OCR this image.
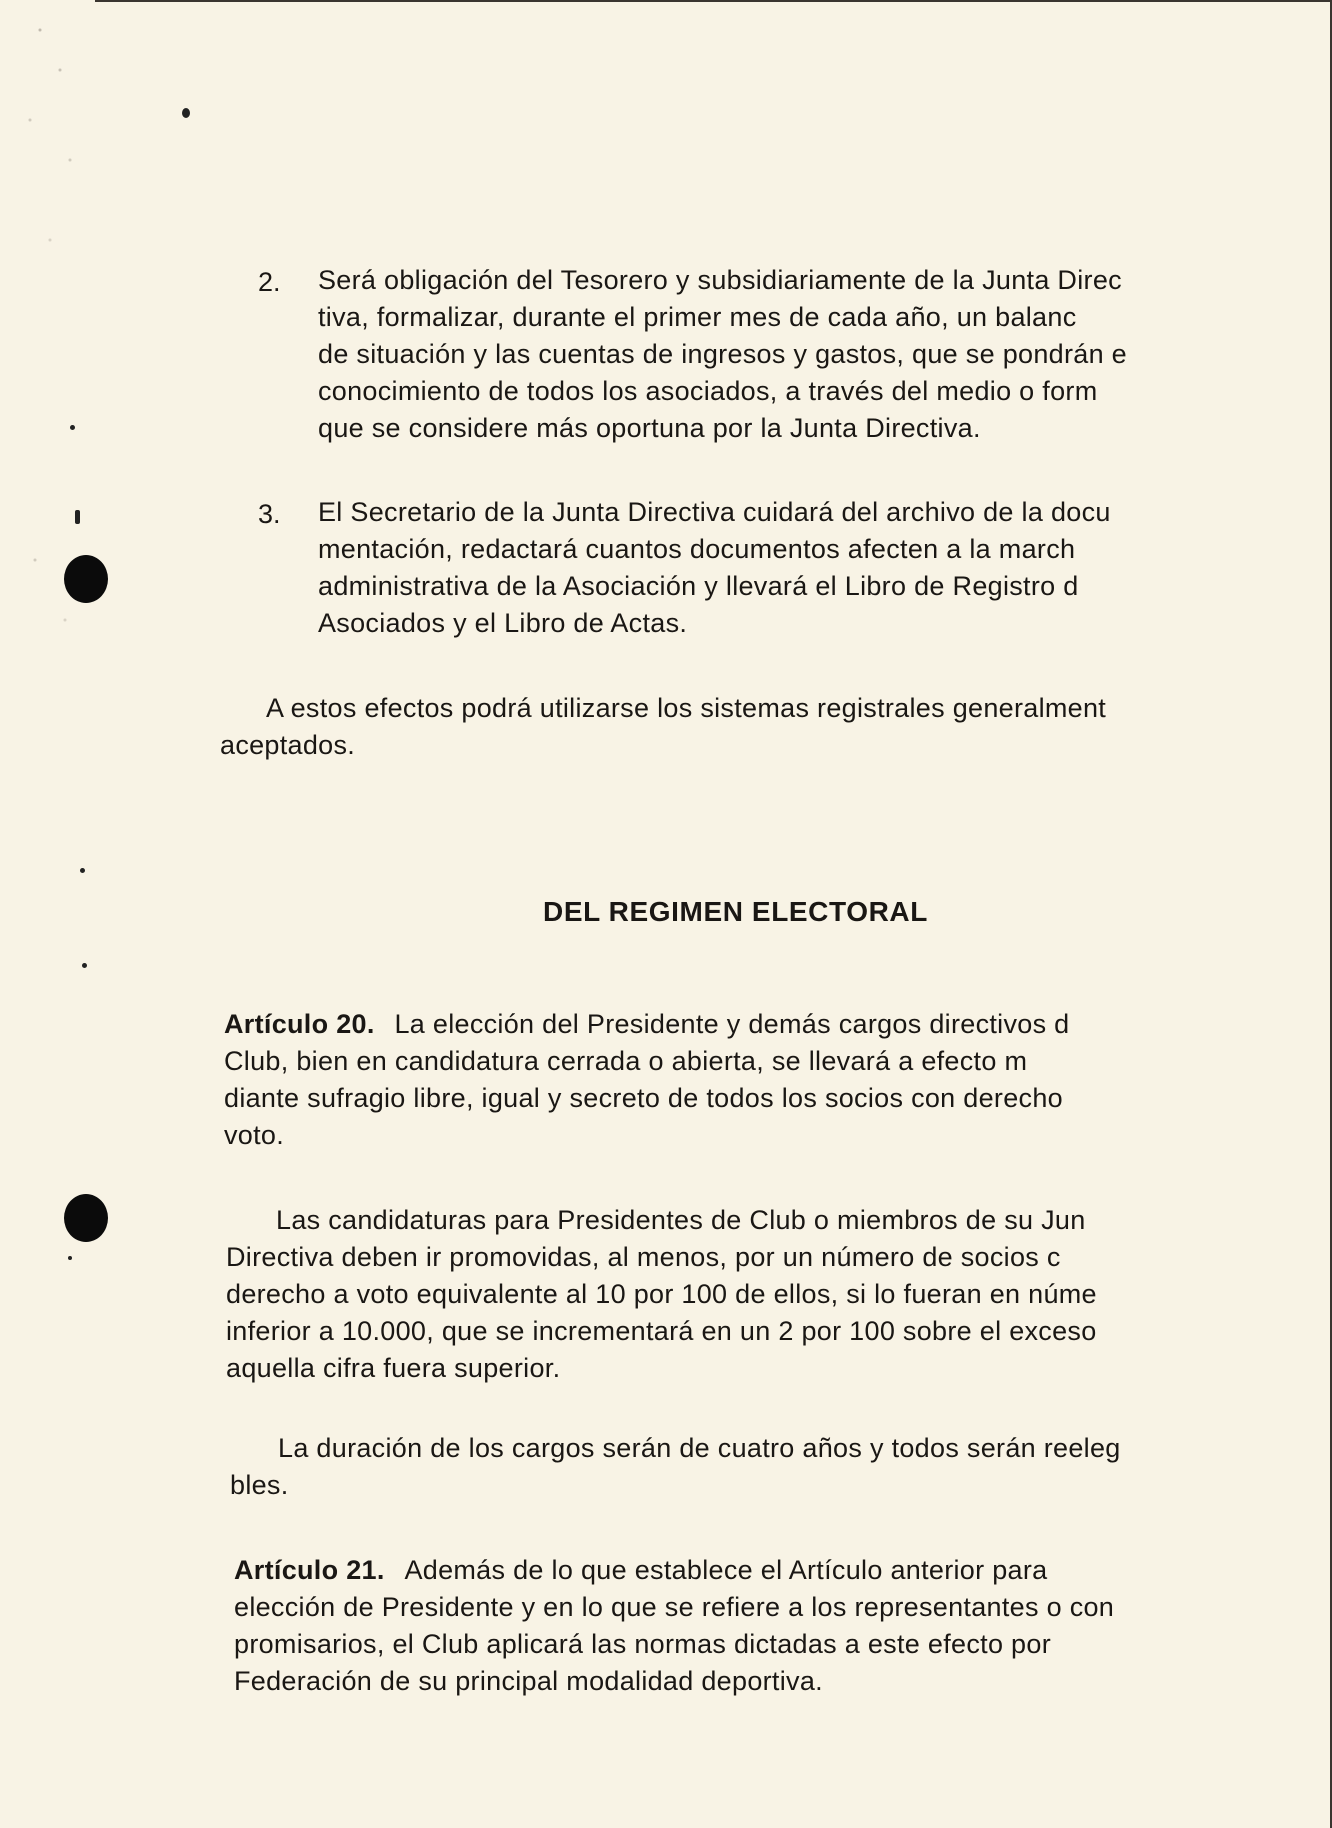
2. Será obligación del Tesorero y subsidiariamente de la Junta Direc
tiva, formalizar, durante el primer mes de cada año, un balanc
de situación y las cuentas de ingresos y gastos, que se pondrán e
conocimiento de todos los asociados, a través del medio o form
que se considere más oportuna por la Junta Directiva.
3. El Secretario de la Junta Directiva cuidará del archivo de la docu
mentación, redactará cuantos documentos afecten a la march
administrativa de la Asociación y llevará el Libro de Registro d
Asociados y el Libro de Actas.
A estos efectos podrá utilizarse los sistemas registrales generalment
aceptados.
DEL REGIMEN ELECTORAL
Artículo 20. La elección del Presidente y demás cargos directivos d
Club, bien en candidatura cerrada o abierta, se llevará a efecto m
diante sufragio libre, igual y secreto de todos los socios con derecho
voto.
Las candidaturas para Presidentes de Club o miembros de su Jun
Directiva deben ir promovidas, al menos, por un número de socios c
derecho a voto equivalente al 10 por 100 de ellos, si lo fueran en núme
inferior a 10.000, que se incrementará en un 2 por 100 sobre el exceso
aquella cifra fuera superior.
La duración de los cargos serán de cuatro años y todos serán reeleg
bles.
Artículo 21. Además de lo que establece el Artículo anterior para
elección de Presidente y en lo que se refiere a los representantes o con
promisarios, el Club aplicará las normas dictadas a este efecto por
Federación de su principal modalidad deportiva.
